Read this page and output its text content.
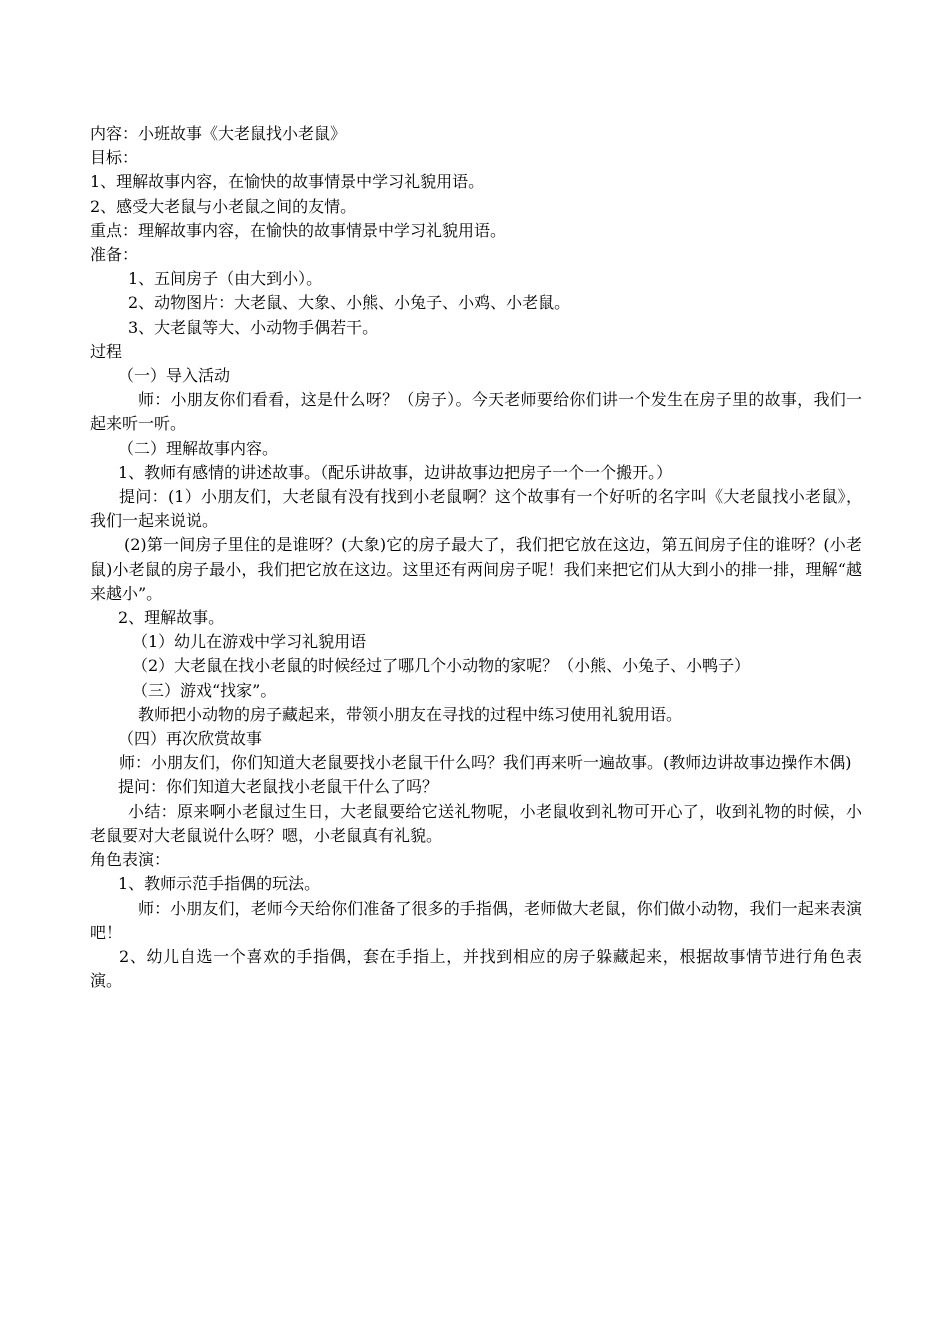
内容：小班故事《大老鼠找小老鼠》
目标：
1、理解故事内容，在愉快的故事情景中学习礼貌用语。
2、感受大老鼠与小老鼠之间的友情。
重点：理解故事内容，在愉快的故事情景中学习礼貌用语。
准备：
1、五间房子（由大到小）。
2、动物图片：大老鼠、大象、小熊、小兔子、小鸡、小老鼠。
3、大老鼠等大、小动物手偶若干。
过程
（一）导入活动
师：小朋友你们看看，这是什么呀？（房子）。今天老师要给你们讲一个发生在房子里的故事，我们一起来听一听。
（二）理解故事内容。
1、教师有感情的讲述故事。（配乐讲故事，边讲故事边把房子一个一个搬开。）
提问：(1）小朋友们，大老鼠有没有找到小老鼠啊？这个故事有一个好听的名字叫《大老鼠找小老鼠》，我们一起来说说。
(2)第一间房子里住的是谁呀？(大象)它的房子最大了，我们把它放在这边，第五间房子住的谁呀？(小老鼠)小老鼠的房子最小，我们把它放在这边。这里还有两间房子呢！我们来把它们从大到小的排一排，理解“越来越小”。
2、理解故事。
（1）幼儿在游戏中学习礼貌用语
（2）大老鼠在找小老鼠的时候经过了哪几个小动物的家呢？（小熊、小兔子、小鸭子）
（三）游戏“找家”。
教师把小动物的房子藏起来，带领小朋友在寻找的过程中练习使用礼貌用语。
（四）再次欣赏故事
师：小朋友们，你们知道大老鼠要找小老鼠干什么吗？我们再来听一遍故事。(教师边讲故事边操作木偶)
提问：你们知道大老鼠找小老鼠干什么了吗？
小结：原来啊小老鼠过生日，大老鼠要给它送礼物呢，小老鼠收到礼物可开心了，收到礼物的时候，小老鼠要对大老鼠说什么呀？嗯，小老鼠真有礼貌。
角色表演：
1、教师示范手指偶的玩法。
师：小朋友们，老师今天给你们准备了很多的手指偶，老师做大老鼠，你们做小动物，我们一起来表演吧！
2、幼儿自选一个喜欢的手指偶，套在手指上，并找到相应的房子躲藏起来，根据故事情节进行角色表演。
